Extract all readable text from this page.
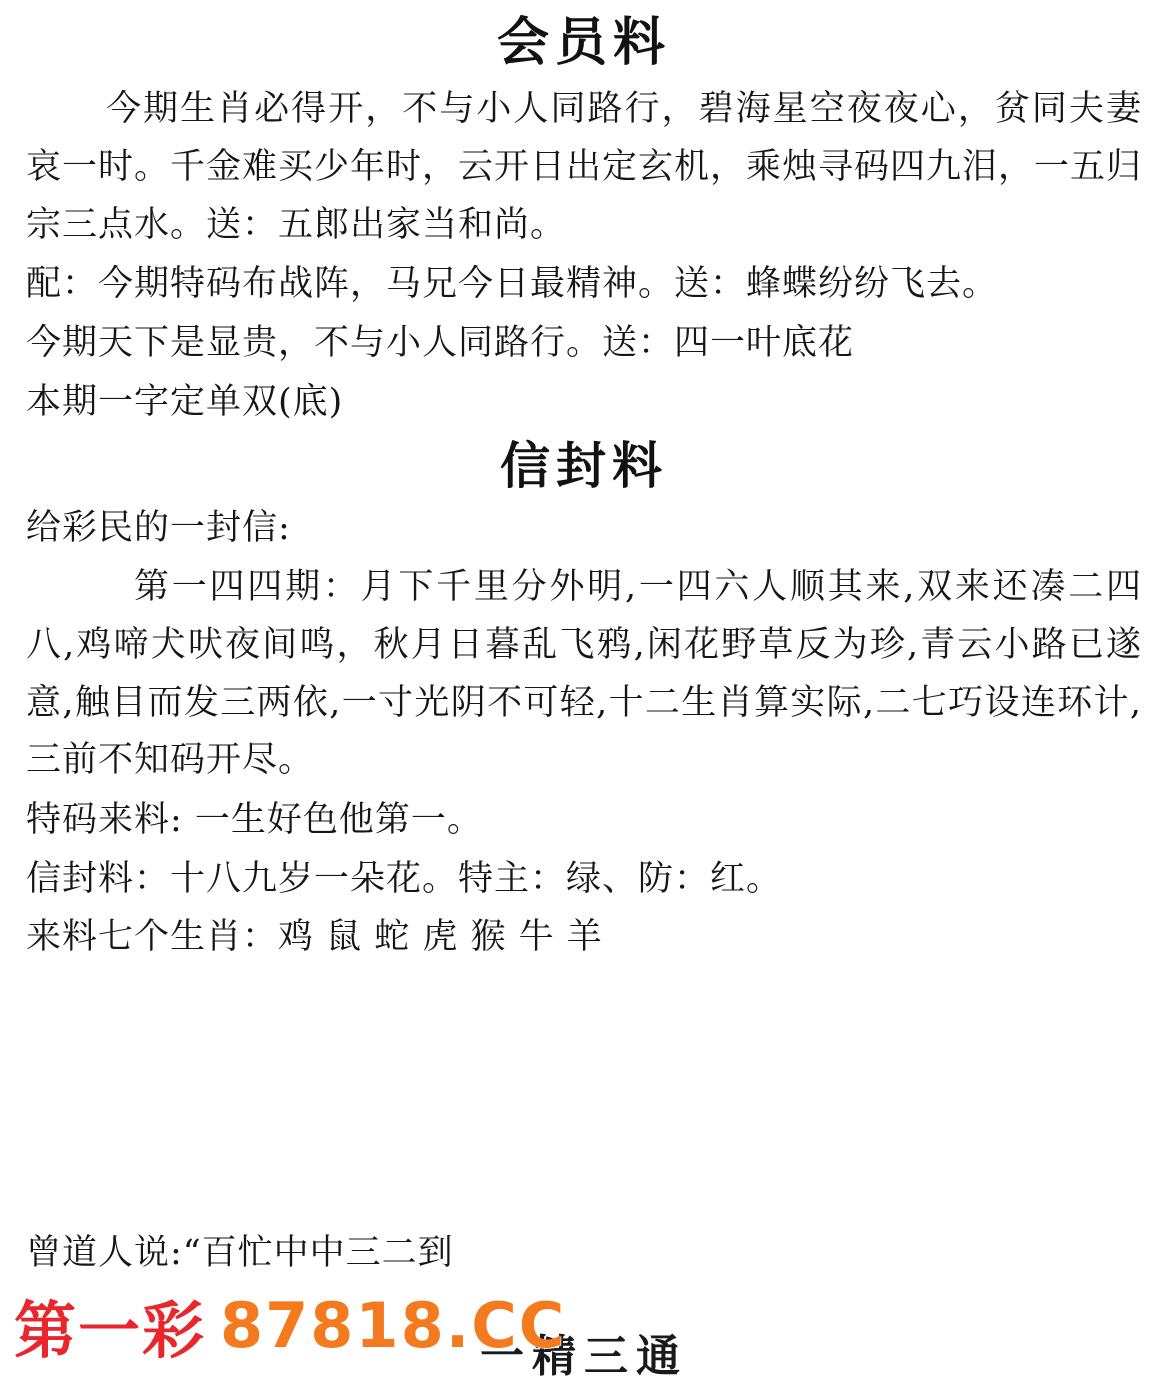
会员料

今期生肖必得开，不与小人同路行，碧海星空夜夜心，贫同夫妻哀一时。千金难买少年时，云开日出定玄机，乘烛寻码四九泪，一五归宗三点水。送：五郎出家当和尚。

配：今期特码布战阵，马兄今日最精神。送：蜂蝶纷纷飞去。

今期天下是显贵，不与小人同路行。送：四一叶底花

本期一字定单双(底)

信封料

给彩民的一封信:

第一四四期：月下千里分外明,一四六人顺其来,双来还凑二四八,鸡啼犬吠夜间鸣，秋月日暮乱飞鸦,闲花野草反为珍,青云小路已遂意,触目而发三两依,一寸光阴不可轻,十二生肖算实际,二七巧设连环计,三前不知码开尽。

特码来料: 一生好色他第一。

信封料：十八九岁一朵花。特主：绿、防：红。

来料七个生肖：鸡 鼠 蛇 虎 猴 牛 羊

曾道人说:“百忙中中三二到

一精三通
第一彩 87818.CC
